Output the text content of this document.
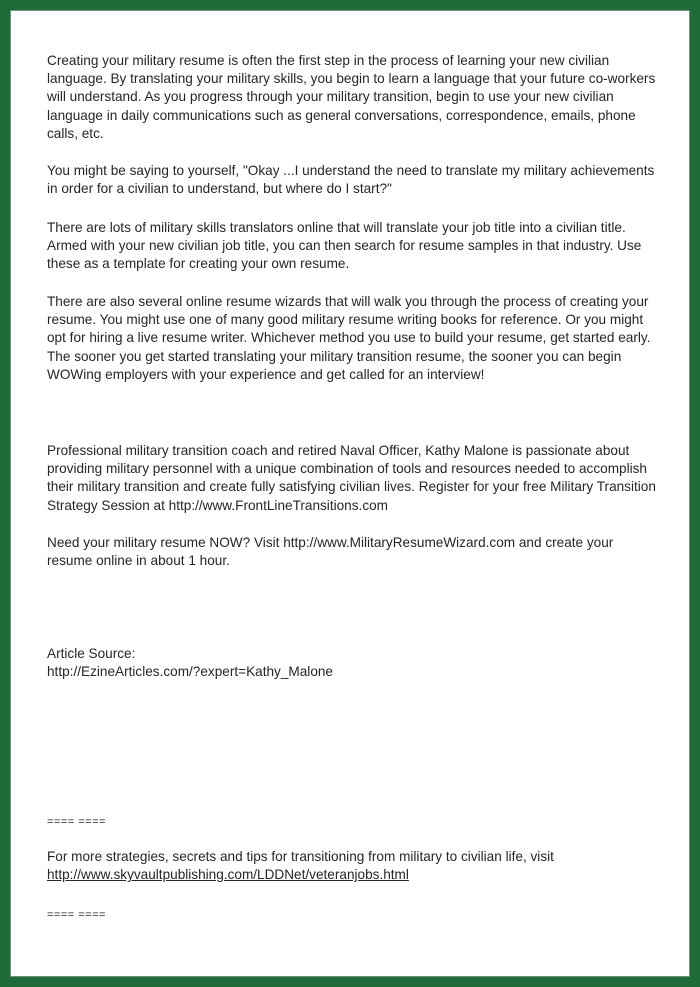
Creating your military resume is often the first step in the process of learning your new civilian language. By translating your military skills, you begin to learn a language that your future co-workers will understand. As you progress through your military transition, begin to use your new civilian language in daily communications such as general conversations, correspondence, emails, phone calls, etc.

You might be saying to yourself, "Okay ...I understand the need to translate my military achievements in order for a civilian to understand, but where do I start?"

There are lots of military skills translators online that will translate your job title into a civilian title. Armed with your new civilian job title, you can then search for resume samples in that industry. Use these as a template for creating your own resume.

There are also several online resume wizards that will walk you through the process of creating your resume. You might use one of many good military resume writing books for reference. Or you might opt for hiring a live resume writer. Whichever method you use to build your resume, get started early. The sooner you get started translating your military transition resume, the sooner you can begin WOWing employers with your experience and get called for an interview!

Professional military transition coach and retired Naval Officer, Kathy Malone is passionate about providing military personnel with a unique combination of tools and resources needed to accomplish their military transition and create fully satisfying civilian lives. Register for your free Military Transition Strategy Session at http://www.FrontLineTransitions.com

Need your military resume NOW? Visit http://www.MilitaryResumeWizard.com and create your resume online in about 1 hour.

Article Source:
http://EzineArticles.com/?expert=Kathy_Malone
==== ====
For more strategies, secrets and tips for transitioning from military to civilian life, visit
http://www.skyvaultpublishing.com/LDDNet/veteranjobs.html
==== ====
